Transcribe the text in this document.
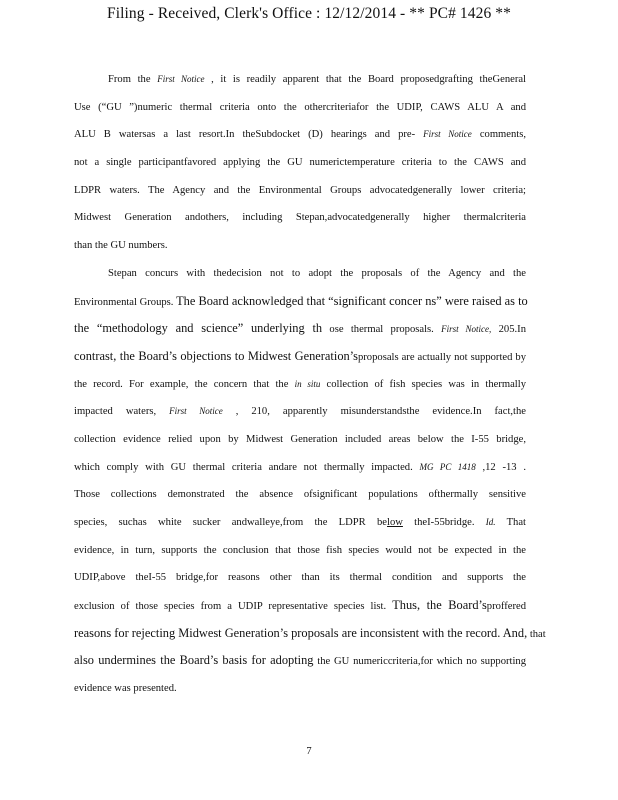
Filing - Received, Clerk's Office : 12/12/2014 - ** PC# 1426 **
From the First Notice , it is readily apparent that the Board proposedgrafting theGeneral
Use (“GU ”)numeric thermal criteria onto the othercriteriafor the UDIP, CAWS ALU A and
ALU B watersas a last resort.In theSubdocket (D) hearings and pre- First Notice comments,
not a single participantfavored applying the GU numerictemperature criteria to the CAWS and
LDPR waters. The Agency and the Environmental Groups advocatedgenerally lower criteria;
Midwest Generation andothers, including Stepan,advocatedgenerally higher thermalcriteria
than the GU numbers.
Stepan concurs with thedecision not to adopt the proposals of the Agency and the
Environmental Groups. The Board acknowledged that “significant concer ns” were raised as to
the “methodology and science” underlying th ose thermal proposals. First Notice, 205.In
contrast, the Board’s objections to Midwest Generation’sproposals are actually not supported by
the record. For example, the concern that the in situ collection of fish species was in thermally
impacted waters, First Notice , 210, apparently misunderstandsthe evidence.In fact,the
collection evidence relied upon by Midwest Generation included areas below the I-55 bridge,
which comply with GU thermal criteria andare not thermally impacted. MG PC 1418 ,12 -13 .
Those collections demonstrated the absence ofsignificant populations ofthermally sensitive
species, suchas white sucker andwalleye,from the LDPR below theI-55bridge. Id. That
evidence, in turn, supports the conclusion that those fish species would not be expected in the
UDIP,above theI-55 bridge,for reasons other than its thermal condition and supports the
exclusion of those species from a UDIP representative species list. Thus, the Board’sproffered
reasons for rejecting Midwest Generation’s proposals are inconsistent with the record. And, that
also undermines the Board’s basis for adopting the GU numericcriteria,for which no supporting
evidence was presented.
7
